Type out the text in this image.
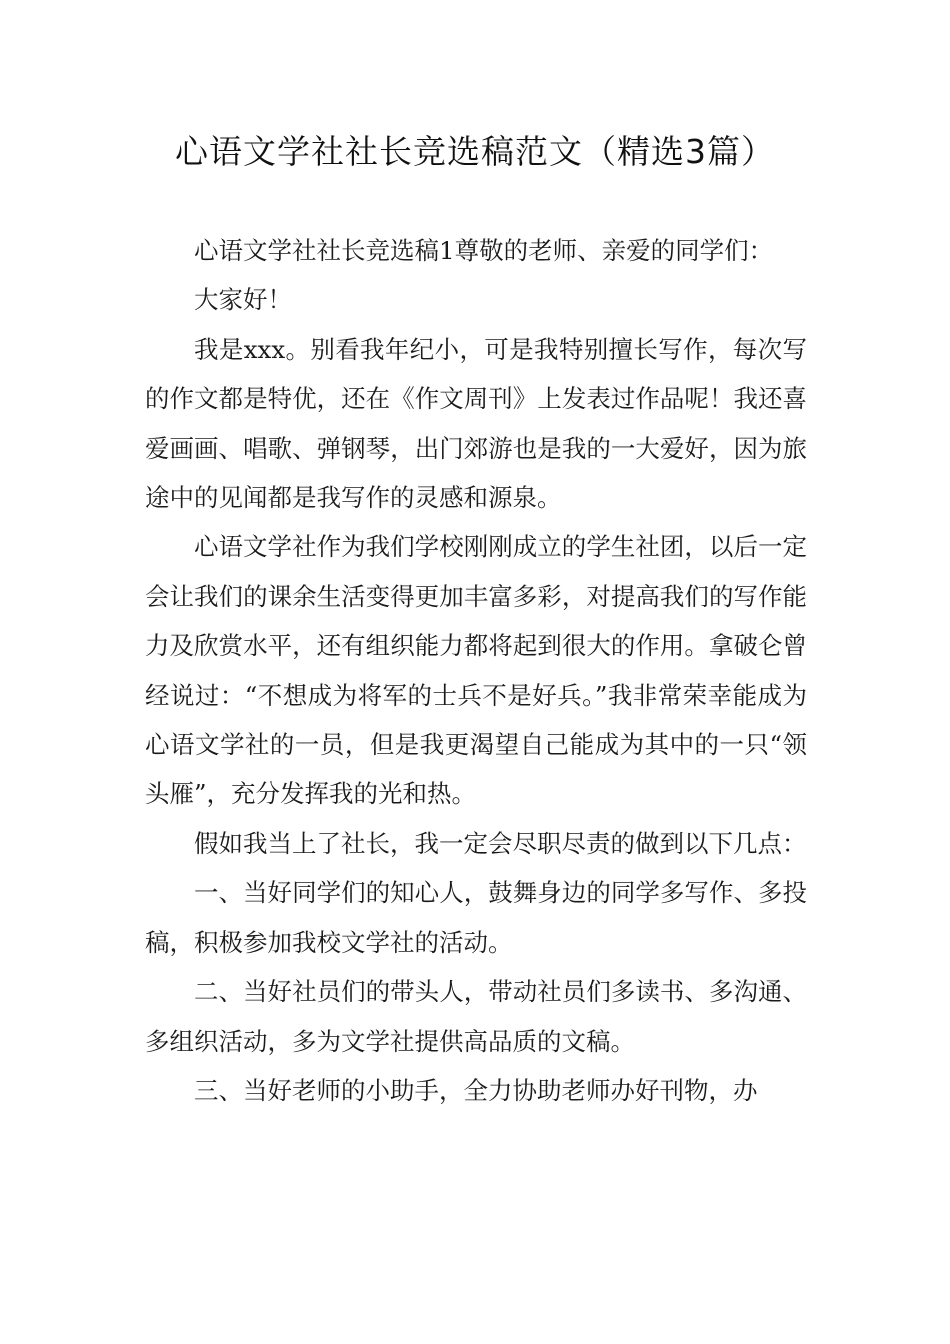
心语文学社社长竞选稿范文（精选3篇）

心语文学社社长竞选稿1尊敬的老师、亲爱的同学们：

大家好！

我是xxx。别看我年纪小，可是我特别擅长写作，每次写的作文都是特优，还在《作文周刊》上发表过作品呢！我还喜爱画画、唱歌、弹钢琴，出门郊游也是我的一大爱好，因为旅途中的见闻都是我写作的灵感和源泉。

心语文学社作为我们学校刚刚成立的学生社团，以后一定会让我们的课余生活变得更加丰富多彩，对提高我们的写作能力及欣赏水平，还有组织能力都将起到很大的作用。拿破仑曾经说过：“不想成为将军的士兵不是好兵。”我非常荣幸能成为心语文学社的一员，但是我更渴望自己能成为其中的一只“领头雁”，充分发挥我的光和热。

假如我当上了社长，我一定会尽职尽责的做到以下几点：

一、当好同学们的知心人，鼓舞身边的同学多写作、多投稿，积极参加我校文学社的活动。

二、当好社员们的带头人，带动社员们多读书、多沟通、多组织活动，多为文学社提供高品质的文稿。

三、当好老师的小助手，全力协助老师办好刊物，办
